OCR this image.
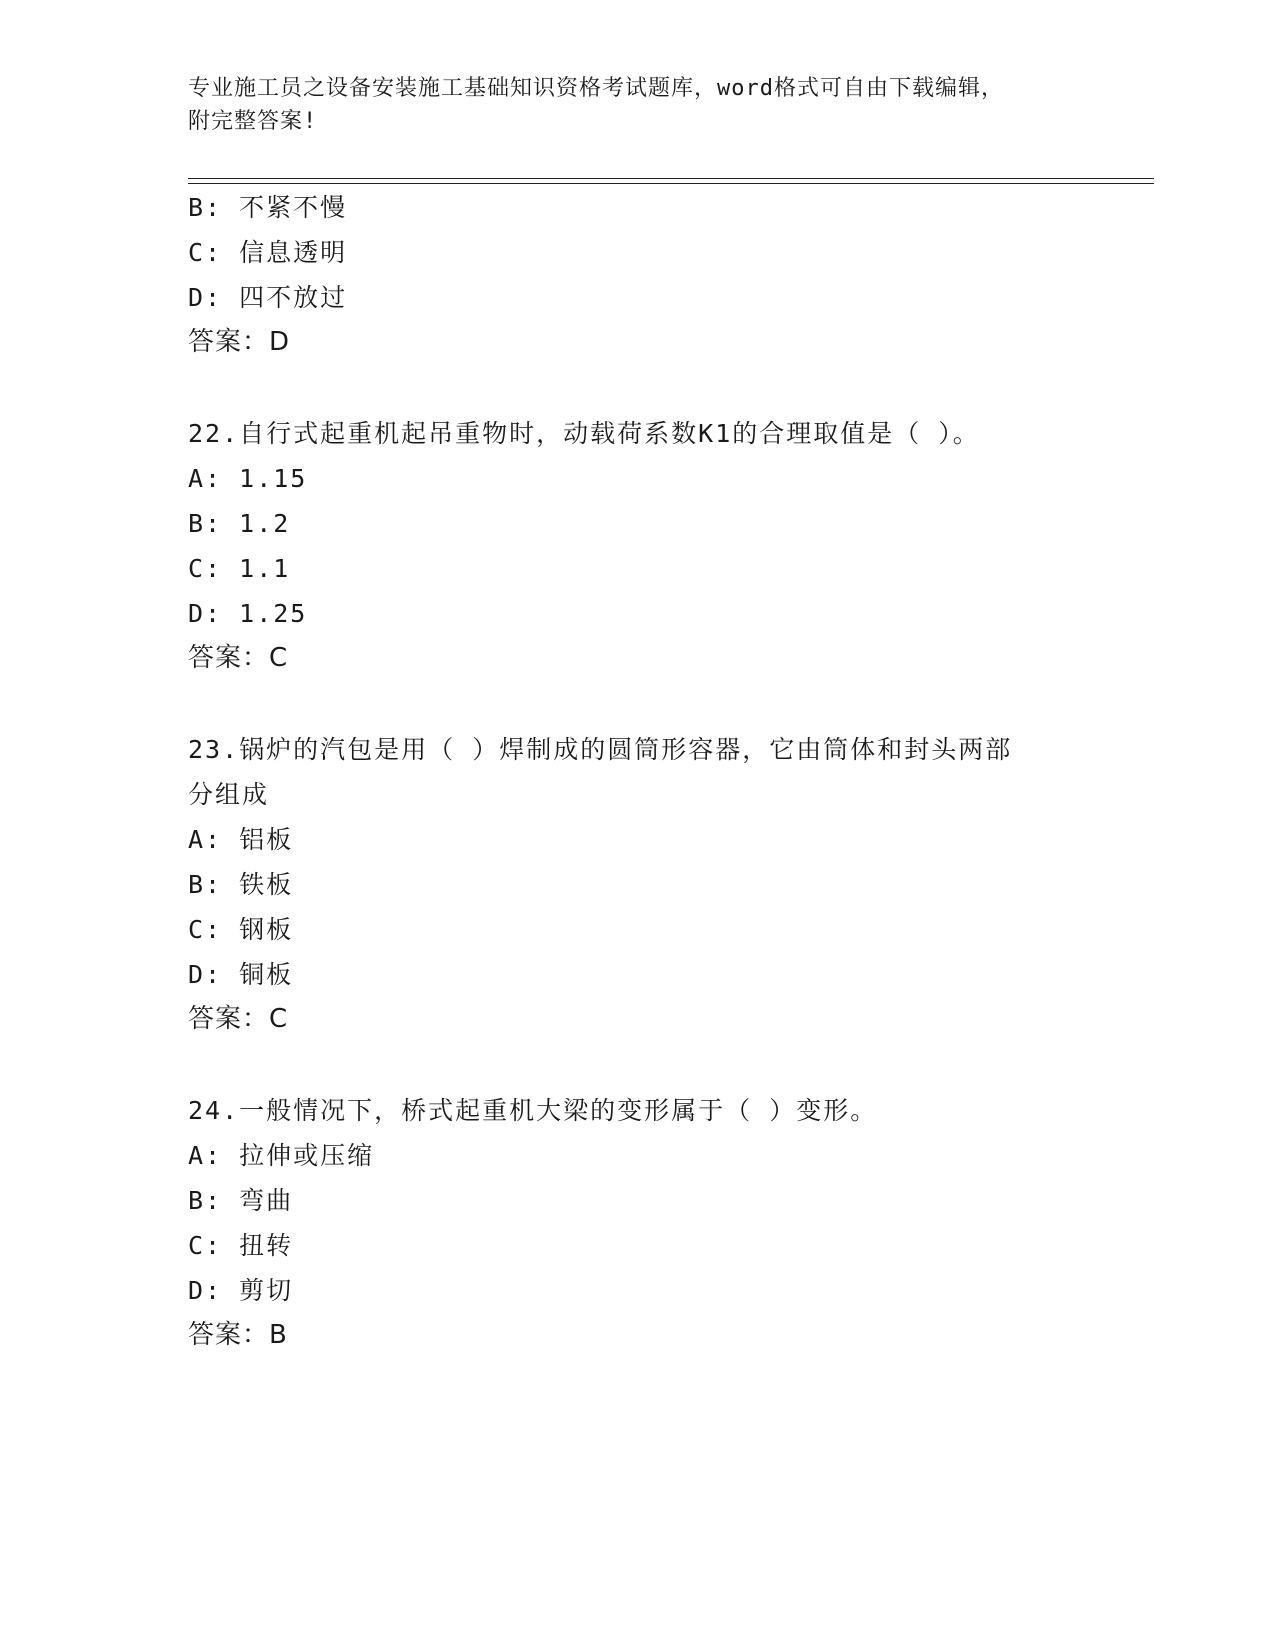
专业施工员之设备安装施工基础知识资格考试题库，word格式可自由下载编辑，
附完整答案!
B: 不紧不慢
C: 信息透明
D: 四不放过
答案：D
22.自行式起重机起吊重物时，动载荷系数K1的合理取值是（ ）。
A: 1.15
B: 1.2
C: 1.1
D: 1.25
答案：C
23.锅炉的汽包是用（ ）焊制成的圆筒形容器，它由筒体和封头两部
分组成
A: 铝板
B: 铁板
C: 钢板
D: 铜板
答案：C
24.一般情况下，桥式起重机大梁的变形属于（ ）变形。
A: 拉伸或压缩
B: 弯曲
C: 扭转
D: 剪切
答案：B
